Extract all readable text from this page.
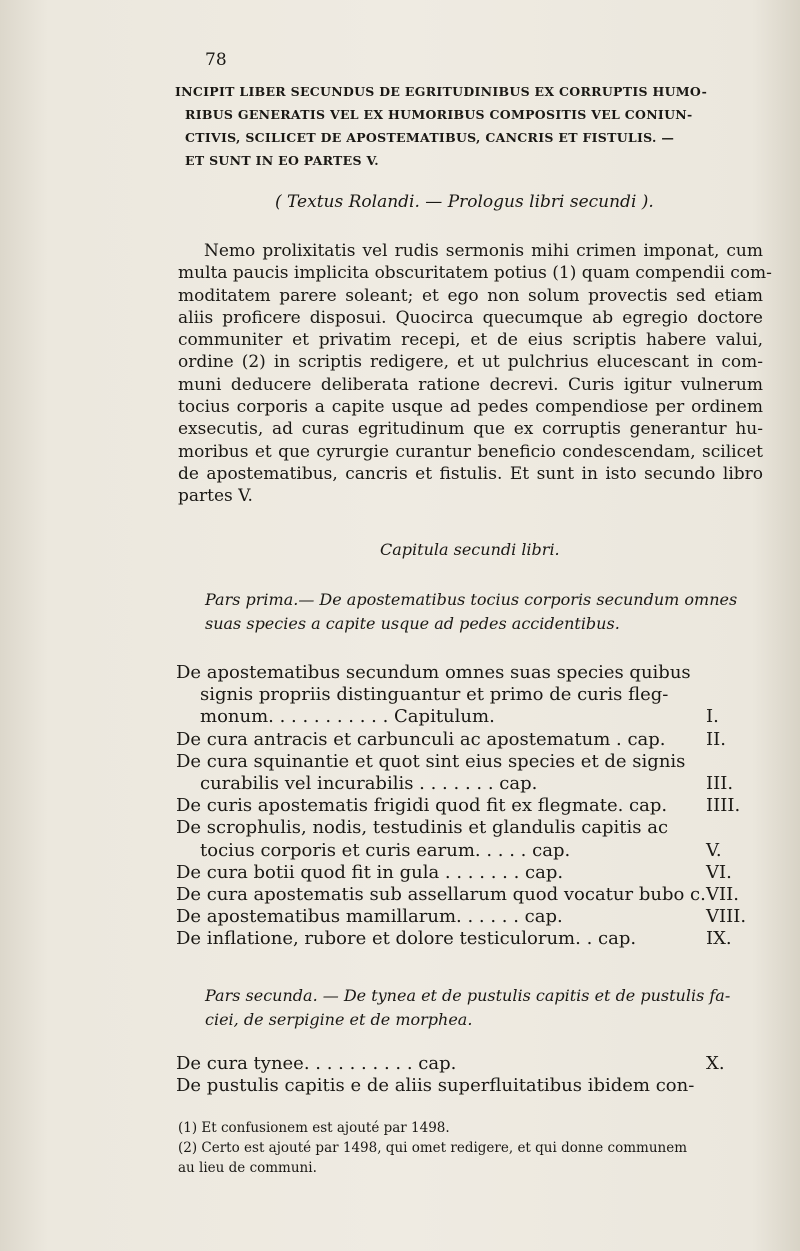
78
INCIPIT LIBER SECUNDUS DE EGRITUDINIBUS EX CORRUPTIS HUMO-
RIBUS GENERATIS VEL EX HUMORIBUS COMPOSITIS VEL CONIUN-
CTIVIS, SCILICET DE APOSTEMATIBUS, CANCRIS ET FISTULIS. —
ET SUNT IN EO PARTES V.
( Textus Rolandi. — Prologus libri secundi ).
Nemo prolixitatis vel rudis sermonis mihi crimen imponat, cum
multa paucis implicita obscuritatem potius (1) quam compendii com-
moditatem parere soleant; et ego non solum provectis sed etiam
aliis proficere disposui. Quocirca quecumque ab egregio doctore
communiter et privatim recepi, et de eius scriptis habere valui,
ordine (2) in scriptis redigere, et ut pulchrius elucescant in com-
muni deducere deliberata ratione decrevi. Curis igitur vulnerum
tocius corporis a capite usque ad pedes compendiose per ordinem
exsecutis, ad curas egritudinum que ex corruptis generantur hu-
moribus et que cyrurgie curantur beneficio condescendam, scilicet
de apostematibus, cancris et fistulis. Et sunt in isto secundo libro
partes V.
Capitula secundi libri.
Pars prima.— De apostematibus tocius corporis secundum omnes
suas species a capite usque ad pedes accidentibus.
De apostematibus secundum omnes suas species quibus
signis propriis distinguantur et primo de curis fleg-
monum. . . . . . . . . . . Capitulum.	I.
De cura antracis et carbunculi ac apostematum . cap. II.
De cura squinantie et quot sint eius species et de signis
curabilis vel incurabilis . . . . . . . cap.	III.
De curis apostematis frigidi quod fit ex flegmate. cap. IIII.
De scrophulis, nodis, testudinis et glandulis capitis ac
tocius corporis et curis earum. . . . . cap.	V.
De cura botii quod fit in gula . . . . . . . cap.	VI.
De cura apostematis sub assellarum quod vocatur bubo c. VII.
De apostematibus mamillarum. . . . . . cap.	VIII.
De inflatione, rubore et dolore testiculorum. . cap.	IX.
Pars secunda. — De tynea et de pustulis capitis et de pustulis fa-
ciei, de serpigine et de morphea.
De cura tynee. . . . . . . . . . cap.	X.
De pustulis capitis e de aliis superfluitatibus ibidem con-
(1) Et confusionem est ajouté par 1498.
(2) Certo est ajouté par 1498, qui omet redigere, et qui donne communem
au lieu de communi.
